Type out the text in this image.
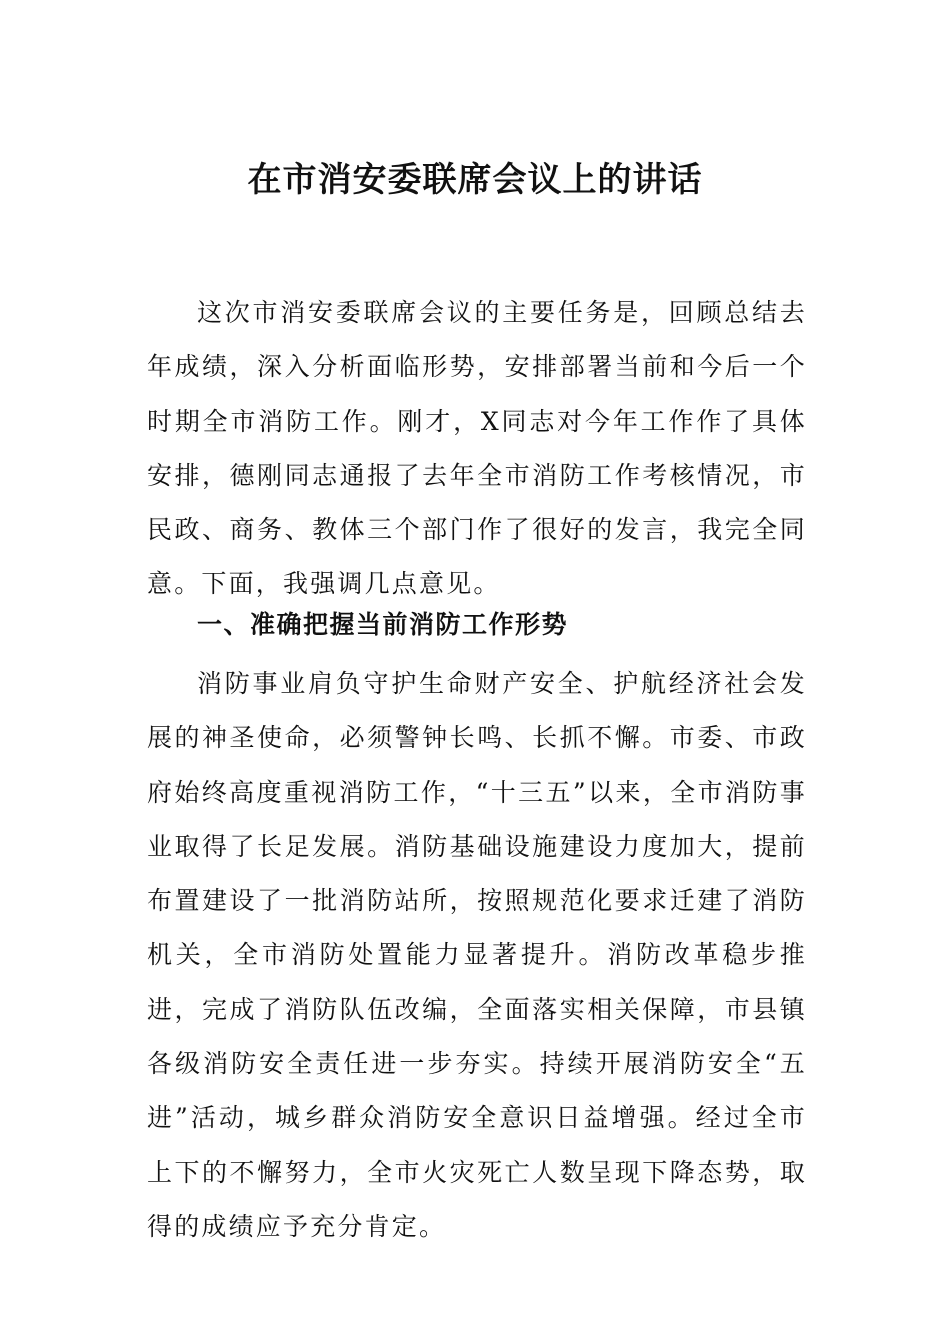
在市消安委联席会议上的讲话

这次市消安委联席会议的主要任务是，回顾总结去年成绩，深入分析面临形势，安排部署当前和今后一个时期全市消防工作。刚才，X同志对今年工作作了具体安排，德刚同志通报了去年全市消防工作考核情况，市民政、商务、教体三个部门作了很好的发言，我完全同意。下面，我强调几点意见。

一、准确把握当前消防工作形势

消防事业肩负守护生命财产安全、护航经济社会发展的神圣使命，必须警钟长鸣、长抓不懈。市委、市政府始终高度重视消防工作，“十三五”以来，全市消防事业取得了长足发展。消防基础设施建设力度加大，提前布置建设了一批消防站所，按照规范化要求迁建了消防机关，全市消防处置能力显著提升。消防改革稳步推进，完成了消防队伍改编，全面落实相关保障，市县镇各级消防安全责任进一步夯实。持续开展消防安全“五进”活动，城乡群众消防安全意识日益增强。经过全市上下的不懈努力，全市火灾死亡人数呈现下降态势，取得的成绩应予充分肯定。
